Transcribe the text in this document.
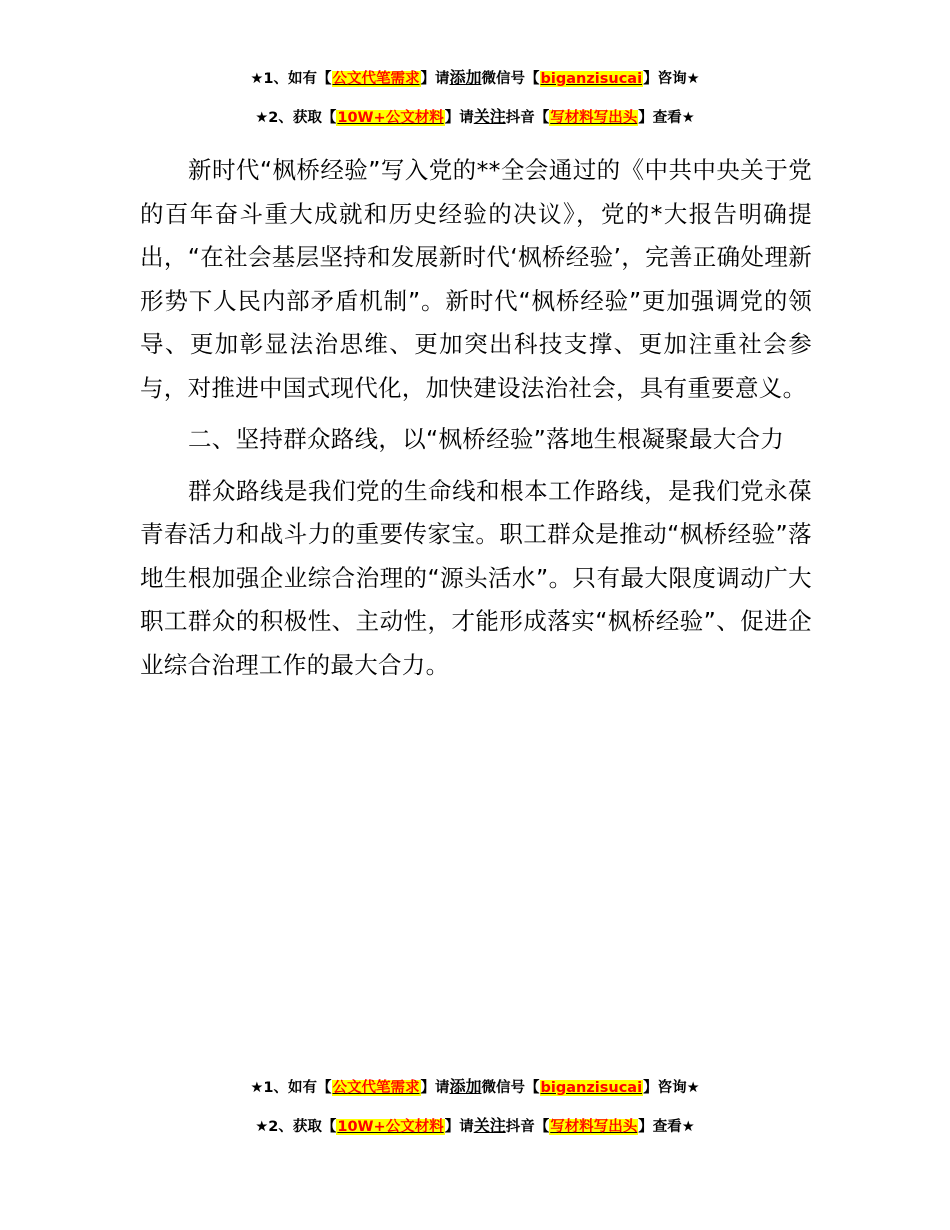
★1、如有【公文代笔需求】请添加微信号【biganzisucai】咨询★
★2、获取【10W+公文材料】请关注抖音【写材料写出头】查看★

新时代“枫桥经验”写入党的**全会通过的《中共中央关于党的百年奋斗重大成就和历史经验的决议》，党的*大报告明确提出，“在社会基层坚持和发展新时代‘枫桥经验’，完善正确处理新形势下人民内部矛盾机制”。新时代“枫桥经验”更加强调党的领导、更加彰显法治思维、更加突出科技支撑、更加注重社会参与，对推进中国式现代化，加快建设法治社会，具有重要意义。

二、坚持群众路线，以“枫桥经验”落地生根凝聚最大合力

群众路线是我们党的生命线和根本工作路线，是我们党永葆青春活力和战斗力的重要传家宝。职工群众是推动“枫桥经验”落地生根加强企业综合治理的“源头活水”。只有最大限度调动广大职工群众的积极性、主动性，才能形成落实“枫桥经验”、促进企业综合治理工作的最大合力。

★1、如有【公文代笔需求】请添加微信号【biganzisucai】咨询★
★2、获取【10W+公文材料】请关注抖音【写材料写出头】查看★
